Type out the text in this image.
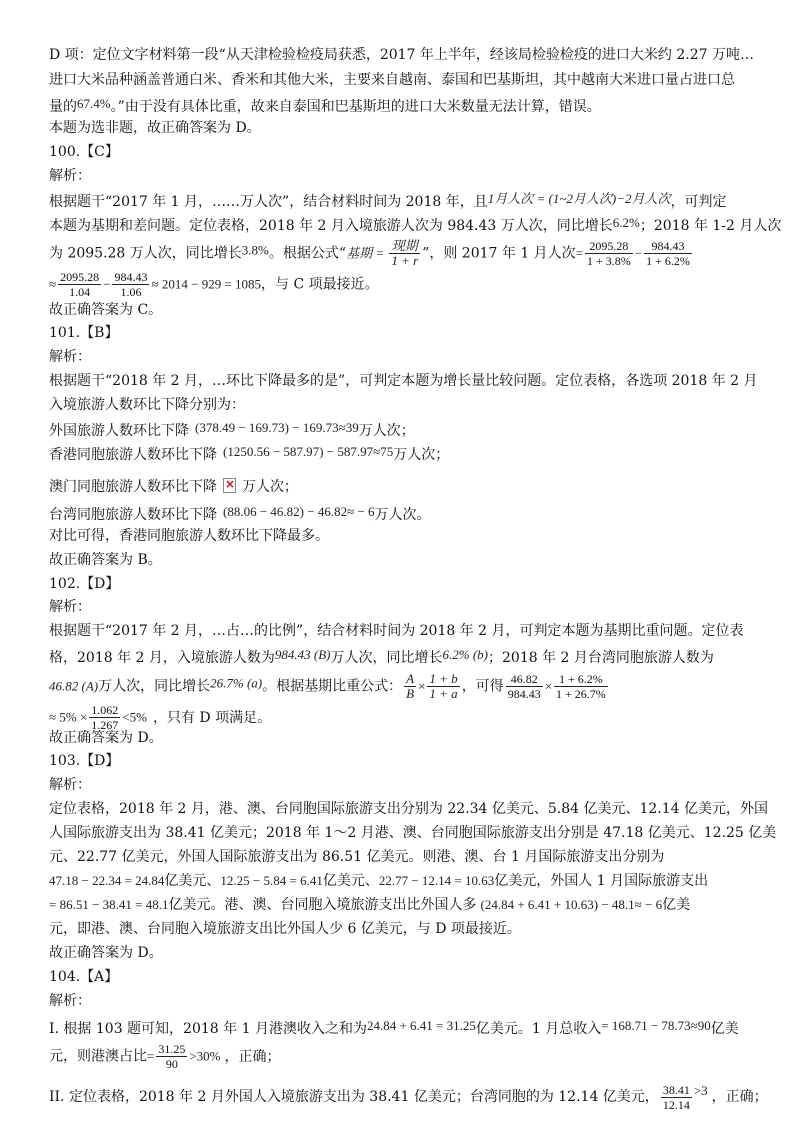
D 项：定位文字材料第一段“从天津检验检疫局获悉，2017 年上半年，经该局检验检疫的进口大米约 2.27 万吨…
进口大米品种涵盖普通白米、香米和其他大米，主要来自越南、泰国和巴基斯坦，其中越南大米进口量占进口总
量的67.4%。”由于没有具体比重，故来自泰国和巴基斯坦的进口大米数量无法计算，错误。
本题为选非题，故正确答案为 D。
100.【C】
解析：
根据题干“2017 年 1 月，……万人次”，结合材料时间为 2018 年，且1月人次 = (1~2月人次)−2月人次，可判定
本题为基期和差问题。定位表格，2018 年 2 月入境旅游人次为 984.43 万人次，同比增长6.2%；2018 年 1-2 月人次
为 2095.28 万人次，同比增长3.8%。根据公式“基期 = $\frac{\text{现期}}{1 + r}$ ”，则 2017 年 1 月人次= $\frac{2095.28}{1 + 3.8\%} - \frac{984.43}{1 + 6.2\%}$
≈ $\frac{2095.28}{1.04} - \frac{984.43}{1.06} \approx 2014 - 929 = 1085$，与 C 项最接近。
故正确答案为 C。
101.【B】
解析：
根据题干“2018 年 2 月，…环比下降最多的是”，可判定本题为增长量比较问题。定位表格，各选项 2018 年 2 月
入境旅游人数环比下降分别为：
外国旅游人数环比下降 (378.49 − 169.73) − 169.73≈39万人次；
香港同胞旅游人数环比下降 (1250.56 − 587.97) − 587.97≈75万人次；
澳门同胞旅游人数环比下降× 万人次；
台湾同胞旅游人数环比下降 (88.06 − 46.82) − 46.82≈ − 6万人次。
对比可得，香港同胞旅游人数环比下降最多。
故正确答案为 B。
102.【D】
解析：
根据题干“2017 年 2 月，…占…的比例”，结合材料时间为 2018 年 2 月，可判定本题为基期比重问题。定位表
格，2018 年 2 月，入境旅游人数为984.43 (B)万人次，同比增长6.2% (b)；2018 年 2 月台湾同胞旅游人数为
46.82 (A)万人次，同比增长26.7% (a)。根据基期比重公式： $\frac{A}{B} \times \frac{1 + b}{1 + a}$ ，可得 $\frac{46.82}{984.43} \times \frac{1 + 6.2\%}{1 + 26.7\%}$
≈ $5\% \times \frac{1.062}{1.267} <5\%$ ，只有 D 项满足。
故正确答案为 D。
103.【D】
解析：
定位表格，2018 年 2 月，港、澳、台同胞国际旅游支出分别为 22.34 亿美元、5.84 亿美元、12.14 亿美元，外国
人国际旅游支出为 38.41 亿美元；2018 年 1～2 月港、澳、台同胞国际旅游支出分别是 47.18 亿美元、12.25 亿美
元、22.77 亿美元，外国人国际旅游支出为 86.51 亿美元。则港、澳、台 1 月国际旅游支出分别为
47.18 − 22.34 = 24.84亿美元、12.25 − 5.84 = 6.41亿美元、22.77 − 12.14 = 10.63亿美元，外国人 1 月国际旅游支出
= 86.51 − 38.41 = 48.1亿美元。港、澳、台同胞入境旅游支出比外国人多 (24.84 + 6.41 + 10.63) − 48.1≈ − 6亿美
元，即港、澳、台同胞入境旅游支出比外国人少 6 亿美元，与 D 项最接近。
故正确答案为 D。
104.【A】
解析：
I. 根据 103 题可知，2018 年 1 月港澳收入之和为24.84 + 6.41 = 31.25亿美元。1 月总收入= 168.71 − 78.73≈90亿美
元，则港澳占比= $\frac{31.25}{90} >30\%$ ，正确；
II. 定位表格，2018 年 2 月外国人入境旅游支出为 38.41 亿美元；台湾同胞的为 12.14 亿美元， $\frac{38.41}{12.14} >3$ ，正确；
